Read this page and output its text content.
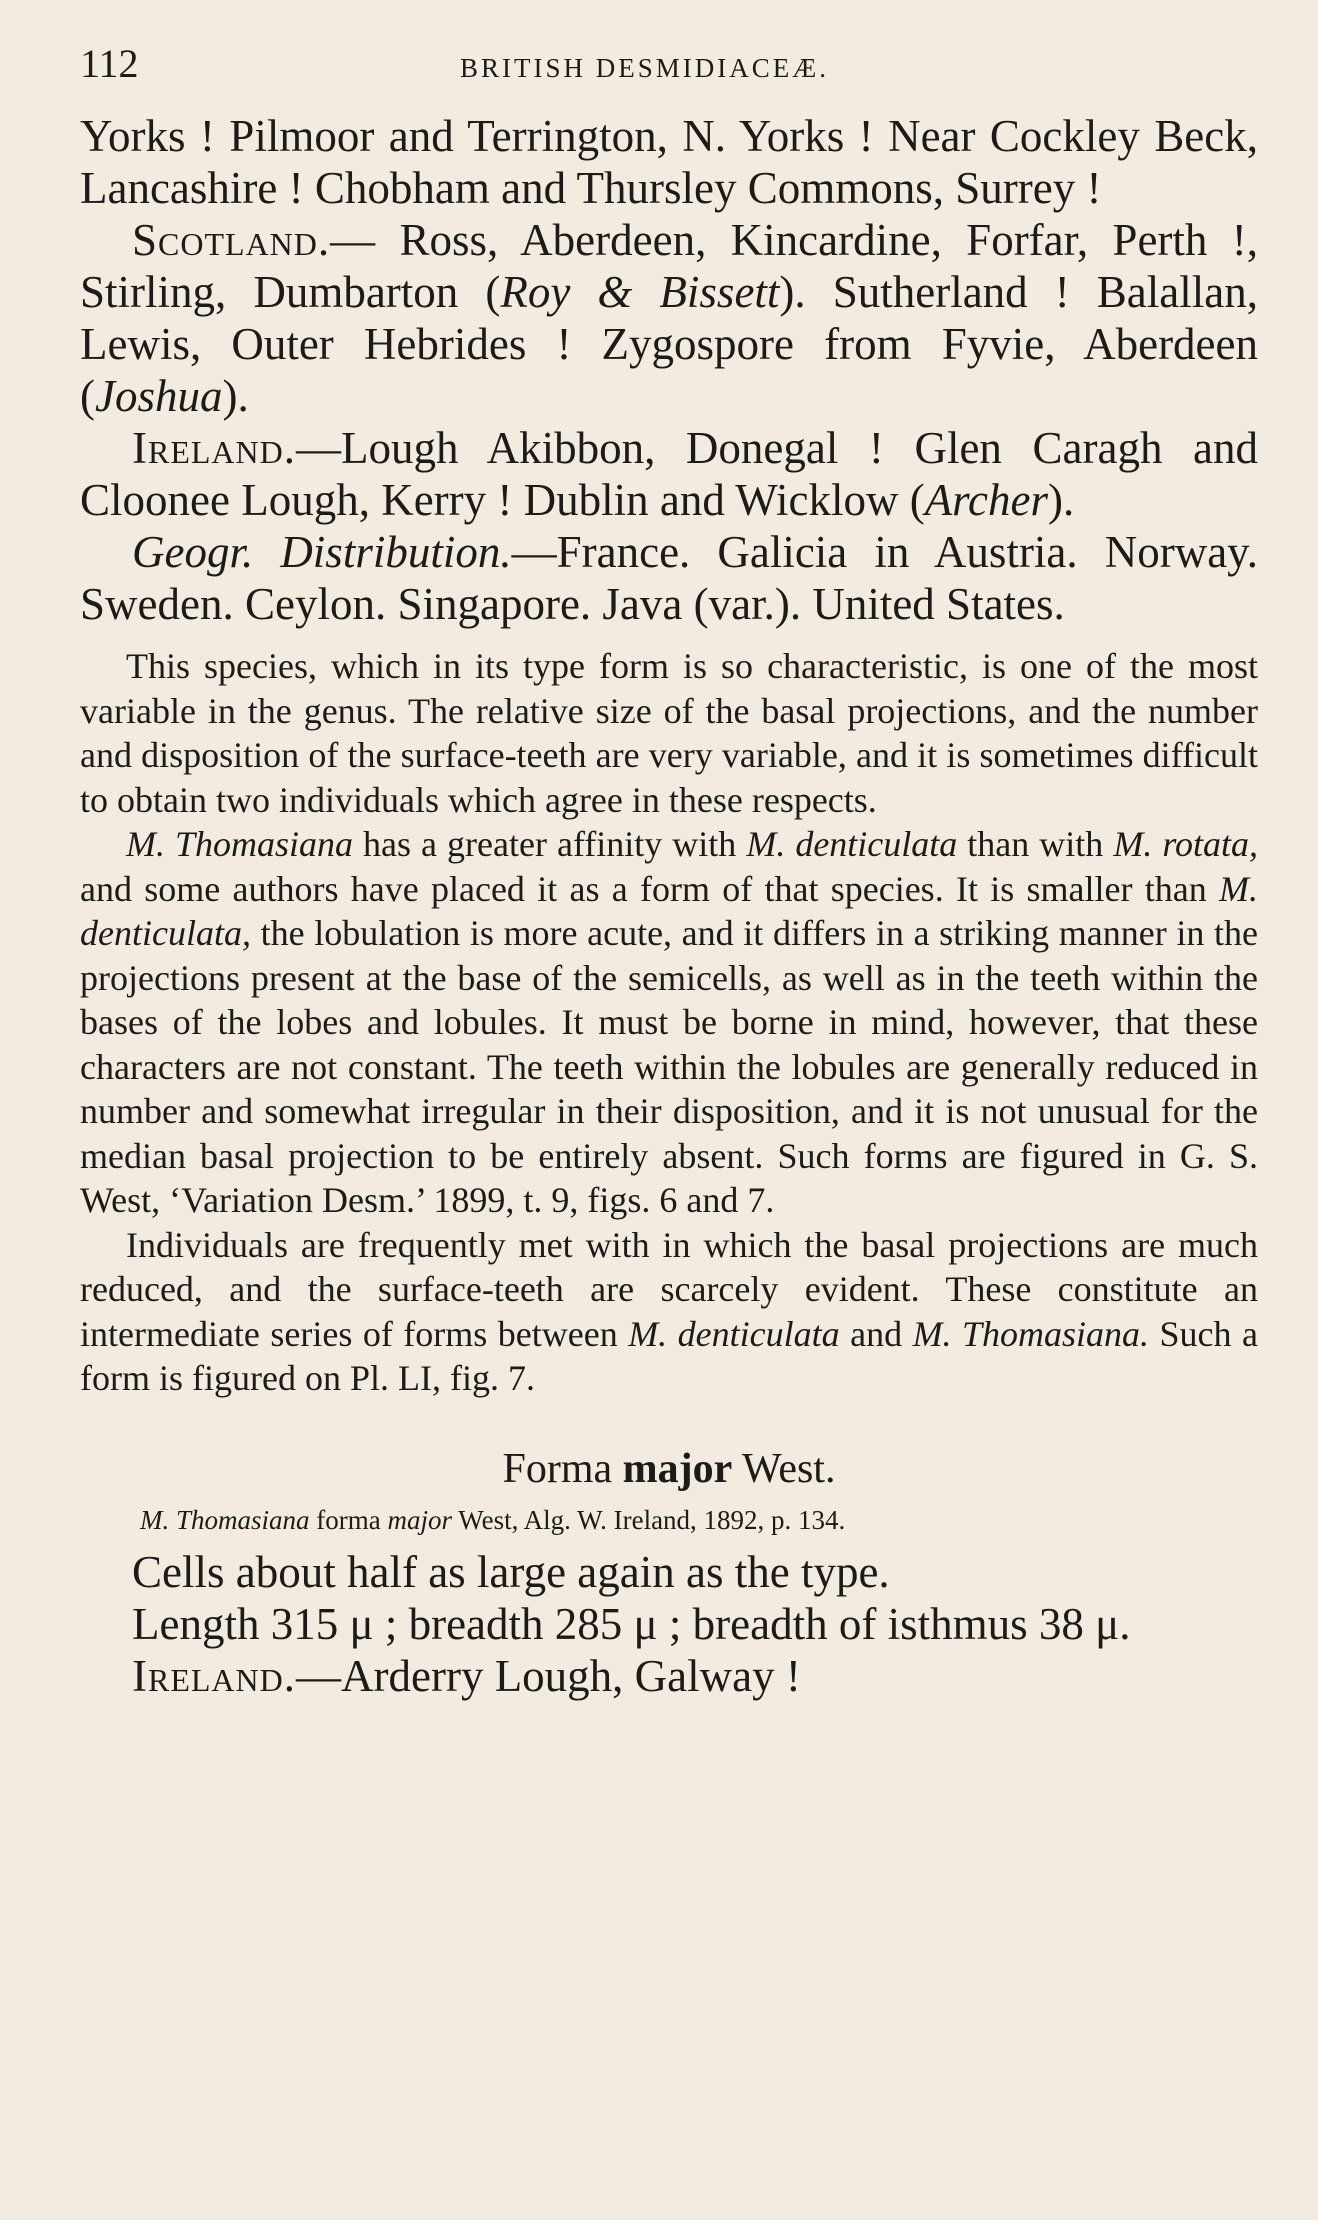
112	BRITISH DESMIDIACEÆ.

Yorks ! Pilmoor and Terrington, N. Yorks ! Near Cockley Beck, Lancashire ! Chobham and Thursley Commons, Surrey !

Scotland.— Ross, Aberdeen, Kincardine, Forfar, Perth !, Stirling, Dumbarton (Roy & Bissett). Sutherland ! Balallan, Lewis, Outer Hebrides ! Zygospore from Fyvie, Aberdeen (Joshua).

Ireland.—Lough Akibbon, Donegal ! Glen Caragh and Cloonee Lough, Kerry ! Dublin and Wicklow (Archer).

Geogr. Distribution.—France. Galicia in Austria. Norway. Sweden. Ceylon. Singapore. Java (var.). United States.

This species, which in its type form is so characteristic, is one of the most variable in the genus. The relative size of the basal projections, and the number and disposition of the surface-teeth are very variable, and it is sometimes difficult to obtain two individuals which agree in these respects.

M. Thomasiana has a greater affinity with M. denticulata than with M. rotata, and some authors have placed it as a form of that species. It is smaller than M. denticulata, the lobulation is more acute, and it differs in a striking manner in the projections present at the base of the semicells, as well as in the teeth within the bases of the lobes and lobules. It must be borne in mind, however, that these characters are not constant. The teeth within the lobules are generally reduced in number and somewhat irregular in their disposition, and it is not unusual for the median basal projection to be entirely absent. Such forms are figured in G. S. West, ‘Variation Desm.’ 1899, t. 9, figs. 6 and 7.

Individuals are frequently met with in which the basal projections are much reduced, and the surface-teeth are scarcely evident. These constitute an intermediate series of forms between M. denticulata and M. Thomasiana. Such a form is figured on Pl. LI, fig. 7.

Forma major West.

M. Thomasiana forma major West, Alg. W. Ireland, 1892, p. 134.

Cells about half as large again as the type.

Length 315 μ ; breadth 285 μ ; breadth of isthmus 38 μ.

Ireland.—Arderry Lough, Galway !
